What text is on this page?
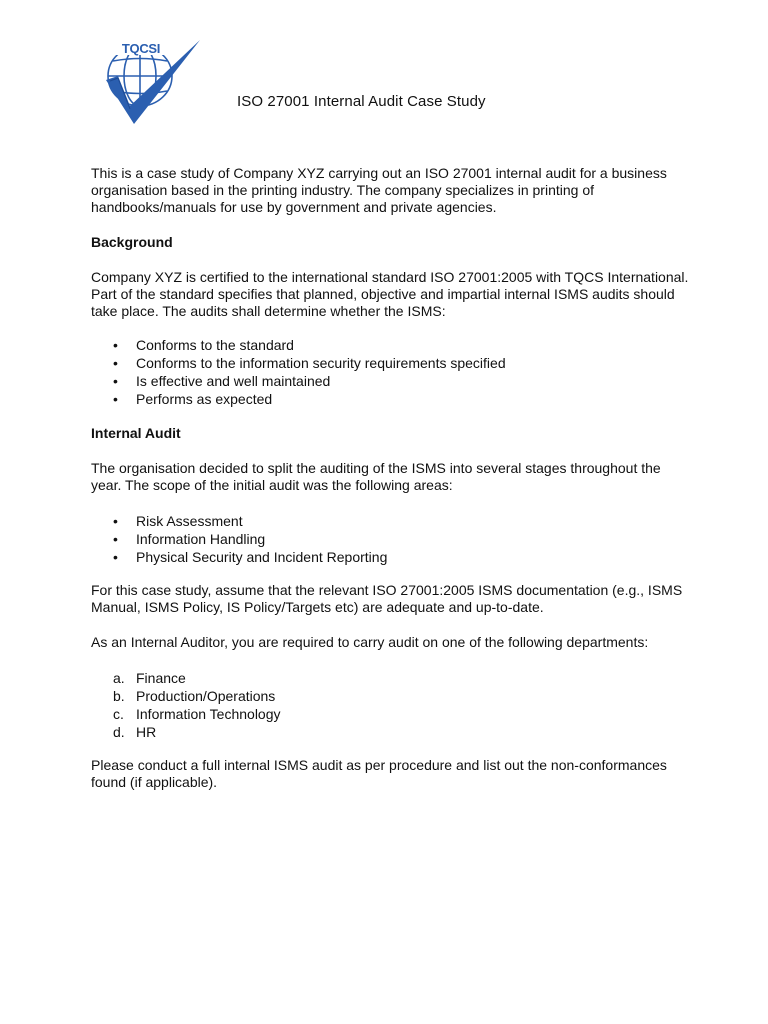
TQCSI
ISO 27001 Internal Audit Case Study

This is a case study of Company XYZ carrying out an ISO 27001 internal audit for a business organisation based in the printing industry. The company specializes in printing of handbooks/manuals for use by government and private agencies.

Background

Company XYZ is certified to the international standard ISO 27001:2005 with TQCS International. Part of the standard specifies that planned, objective and impartial internal ISMS audits should take place. The audits shall determine whether the ISMS:

• Conforms to the standard
• Conforms to the information security requirements specified
• Is effective and well maintained
• Performs as expected

Internal Audit

The organisation decided to split the auditing of the ISMS into several stages throughout the year. The scope of the initial audit was the following areas:

• Risk Assessment
• Information Handling
• Physical Security and Incident Reporting

For this case study, assume that the relevant ISO 27001:2005 ISMS documentation (e.g., ISMS Manual, ISMS Policy, IS Policy/Targets etc) are adequate and up-to-date.

As an Internal Auditor, you are required to carry audit on one of the following departments:

a. Finance
b. Production/Operations
c. Information Technology
d. HR

Please conduct a full internal ISMS audit as per procedure and list out the non-conformances found (if applicable).
